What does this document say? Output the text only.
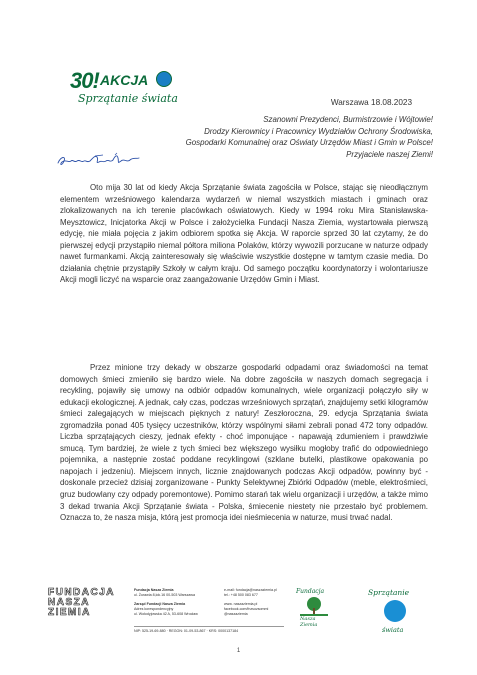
30! AKCJA
Sprzątanie świata	Warszawa 18.08.2023
Szanowni Prezydenci, Burmistrzowie i Wójtowie!
Drodzy Kierownicy i Pracownicy Wydziałów Ochrony Środowiska,
Gospodarki Komunalnej oraz Oświaty Urzędów Miast i Gmin w Polsce!
Przyjaciele naszej Ziemi!
Oto mija 30 lat od kiedy Akcja Sprzątanie świata zagościła w Polsce, stając się nieodłącznym elementem wrześniowego kalendarza wydarzeń w niemal wszystkich miastach i gminach oraz zlokalizowanych na ich terenie placówkach oświatowych. Kiedy w 1994 roku Mira Stanisławska-Meysztowicz, Inicjatorka Akcji w Polsce i założycielka Fundacji Nasza Ziemia, wystartowała pierwszą edycję, nie miała pojęcia z jakim odbiorem spotka się Akcja. W raporcie sprzed 30 lat czytamy, że do pierwszej edycji przystąpiło niemal półtora miliona Polaków, którzy wywozili porzucane w naturze odpady nawet furmankami. Akcją zainteresowały się właściwie wszystkie dostępne w tamtym czasie media. Do działania chętnie przystąpiły Szkoły w całym kraju. Od samego początku koordynatorzy i wolontariusze Akcji mogli liczyć na wsparcie oraz zaangażowanie Urzędów Gmin i Miast.
Przez minione trzy dekady w obszarze gospodarki odpadami oraz świadomości na temat domowych śmieci zmieniło się bardzo wiele. Na dobre zagościła w naszych domach segregacja i recykling, pojawiły się umowy na odbiór odpadów komunalnych, wiele organizacji połączyło siły w edukacji ekologicznej. A jednak, cały czas, podczas wrześniowych sprzątań, znajdujemy setki kilogramów śmieci zalegających w miejscach pięknych z natury! Zeszłoroczna, 29. edycja Sprzątania świata zgromadziła ponad 405 tysięcy uczestników, którzy wspólnymi siłami zebrali ponad 472 tony odpadów. Liczba sprzątających cieszy, jednak efekty - choć imponujące - napawają zdumieniem i prawdziwie smucą. Tym bardziej, że wiele z tych śmieci bez większego wysiłku mogłoby trafić do odpowiedniego pojemnika, a następnie zostać poddane recyklingowi (szklane butelki, plastikowe opakowania po napojach i jedzeniu). Miejscem innych, licznie znajdowanych podczas Akcji odpadów, powinny być - doskonale przecież dzisiaj zorganizowane - Punkty Selektywnej Zbiórki Odpadów (meble, elektrośmieci, gruz budowlany czy odpady poremontowe). Pomimo starań tak wielu organizacji i urzędów, a także mimo 3 dekad trwania Akcji Sprzątanie świata - Polska, śmiecenie niestety nie przestało być problemem. Oznacza to, że nasza misja, którą jest promocja idei nieśmiecenia w naturze, musi trwać nadal.
FUNDACJA
NASZA
ZIEMIA
Fundacja Nasza Ziemia
ul. Żurawia 8,lok.16 00-503 Warszawa
Zarząd Fundacji Nasza Ziemia
Adres korespondencyjny
ul. Wołodyjowska 42 A, 53-608 Wrocław
e-mail: fundacja@naszaziemia.pl
tel.: +48 500 083 677
www. naszaziemia.pl
facebook.com/fnzsozsommi
@naszaziemia
NIP: 525-19-69-880 · REGON: 01-09-53-867 · KRS: 0000137184
Fundacja
Nasza Ziemia
Sprzątanie
świata
1
